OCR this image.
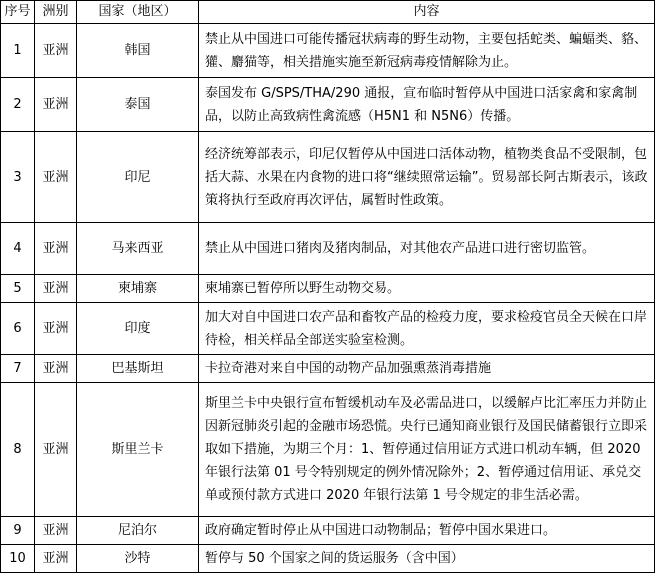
序号	洲别	国家（地区）	内容
1	亚洲	韩国	禁止从中国进口可能传播冠状病毒的野生动物，主要包括蛇类、蝙蝠类、貉、獾、麝猫等，相关措施实施至新冠病毒疫情解除为止。
2	亚洲	泰国	泰国发布 G/SPS/THA/290 通报，宣布临时暂停从中国进口活家禽和家禽制品，以防止高致病性禽流感（H5N1 和 N5N6）传播。
3	亚洲	印尼	经济统筹部表示，印尼仅暂停从中国进口活体动物，植物类食品不受限制，包括大蒜、水果在内食物的进口将“继续照常运输”。贸易部长阿古斯表示，该政策将执行至政府再次评估，属暂时性政策。
4	亚洲	马来西亚	禁止从中国进口猪肉及猪肉制品，对其他农产品进口进行密切监管。
5	亚洲	柬埔寨	柬埔寨已暂停所以野生动物交易。
6	亚洲	印度	加大对自中国进口农产品和畜牧产品的检疫力度，要求检疫官员全天候在口岸待检，相关样品全部送实验室检测。
7	亚洲	巴基斯坦	卡拉奇港对来自中国的动物产品加强熏蒸消毒措施
8	亚洲	斯里兰卡	斯里兰卡中央银行宣布暂缓机动车及必需品进口，以缓解卢比汇率压力并防止因新冠肺炎引起的金融市场恐慌。央行已通知商业银行及国民储蓄银行立即采取如下措施，为期三个月：1、暂停通过信用证方式进口机动车辆，但 2020 年银行法第 01 号令特别规定的例外情况除外；2、暂停通过信用证、承兑交单或预付款方式进口 2020 年银行法第 1 号令规定的非生活必需。
9	亚洲	尼泊尔	政府确定暂时停止从中国进口动物制品；暂停中国水果进口。
10	亚洲	沙特	暂停与 50 个国家之间的货运服务（含中国）
